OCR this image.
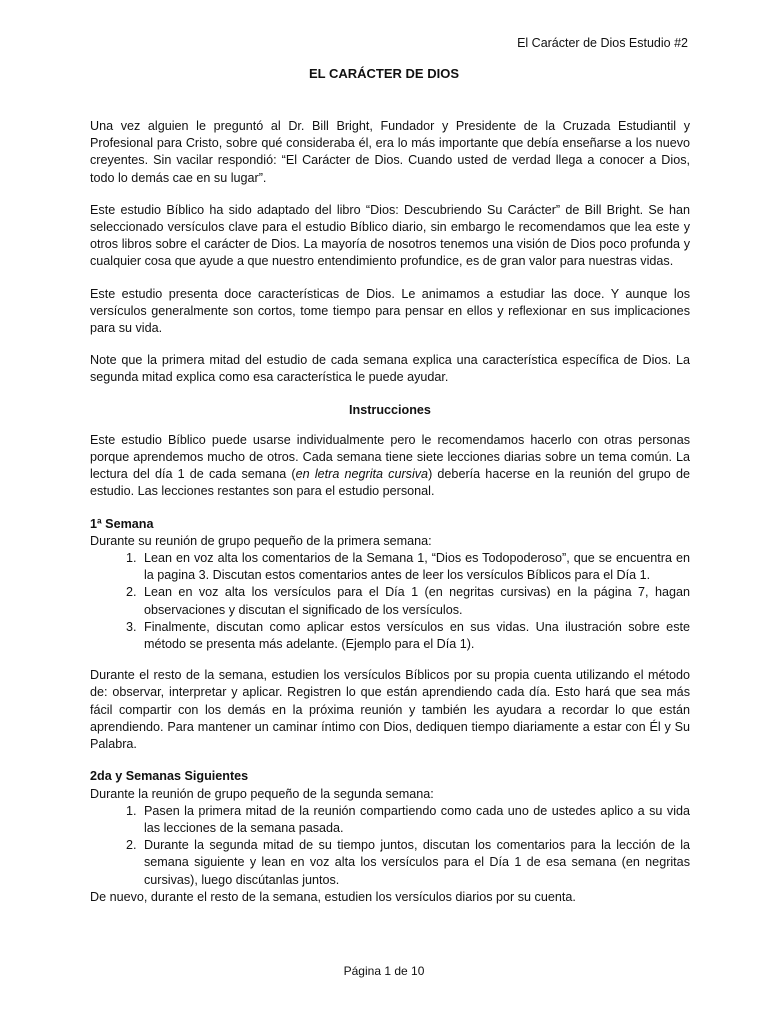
El Carácter de Dios Estudio #2
EL CARÁCTER DE DIOS

Una vez alguien le preguntó al Dr. Bill Bright, Fundador y Presidente de la Cruzada Estudiantil y Profesional para Cristo, sobre qué consideraba él, era lo más importante que debía enseñarse a los nuevo creyentes. Sin vacilar respondió: “El Carácter de Dios. Cuando usted de verdad llega a conocer a Dios, todo lo demás cae en su lugar”.

Este estudio Bíblico ha sido adaptado del libro “Dios: Descubriendo Su Carácter” de Bill Bright. Se han seleccionado versículos clave para el estudio Bíblico diario, sin embargo le recomendamos que lea este y otros libros sobre el carácter de Dios. La mayoría de nosotros tenemos una visión de Dios poco profunda y cualquier cosa que ayude a que nuestro entendimiento profundice, es de gran valor para nuestras vidas.

Este estudio presenta doce características de Dios. Le animamos a estudiar las doce. Y aunque los versículos generalmente son cortos, tome tiempo para pensar en ellos y reflexionar en sus implicaciones para su vida.

Note que la primera mitad del estudio de cada semana explica una característica específica de Dios. La segunda mitad explica como esa característica le puede ayudar.

Instrucciones

Este estudio Bíblico puede usarse individualmente pero le recomendamos hacerlo con otras personas porque aprendemos mucho de otros. Cada semana tiene siete lecciones diarias sobre un tema común. La lectura del día 1 de cada semana (en letra negrita cursiva) debería hacerse en la reunión del grupo de estudio. Las lecciones restantes son para el estudio personal.

1ª Semana
Durante su reunión de grupo pequeño de la primera semana:
1. Lean en voz alta los comentarios de la Semana 1, “Dios es Todopoderoso”, que se encuentra en la pagina 3. Discutan estos comentarios antes de leer los versículos Bíblicos para el Día 1.
2. Lean en voz alta los versículos para el Día 1 (en negritas cursivas) en la página 7, hagan observaciones y discutan el significado de los versículos.
3. Finalmente, discutan como aplicar estos versículos en sus vidas. Una ilustración sobre este método se presenta más adelante. (Ejemplo para el Día 1).

Durante el resto de la semana, estudien los versículos Bíblicos por su propia cuenta utilizando el método de: observar, interpretar y aplicar. Registren lo que están aprendiendo cada día. Esto hará que sea más fácil compartir con los demás en la próxima reunión y también les ayudara a recordar lo que están aprendiendo. Para mantener un caminar íntimo con Dios, dediquen tiempo diariamente a estar con Él y Su Palabra.

2da y Semanas Siguientes
Durante la reunión de grupo pequeño de la segunda semana:
1. Pasen la primera mitad de la reunión compartiendo como cada uno de ustedes aplico a su vida las lecciones de la semana pasada.
2. Durante la segunda mitad de su tiempo juntos, discutan los comentarios para la lección de la semana siguiente y lean en voz alta los versículos para el Día 1 de esa semana (en negritas cursivas), luego discútanlas juntos.
De nuevo, durante el resto de la semana, estudien los versículos diarios por su cuenta.
Página 1 de 10
